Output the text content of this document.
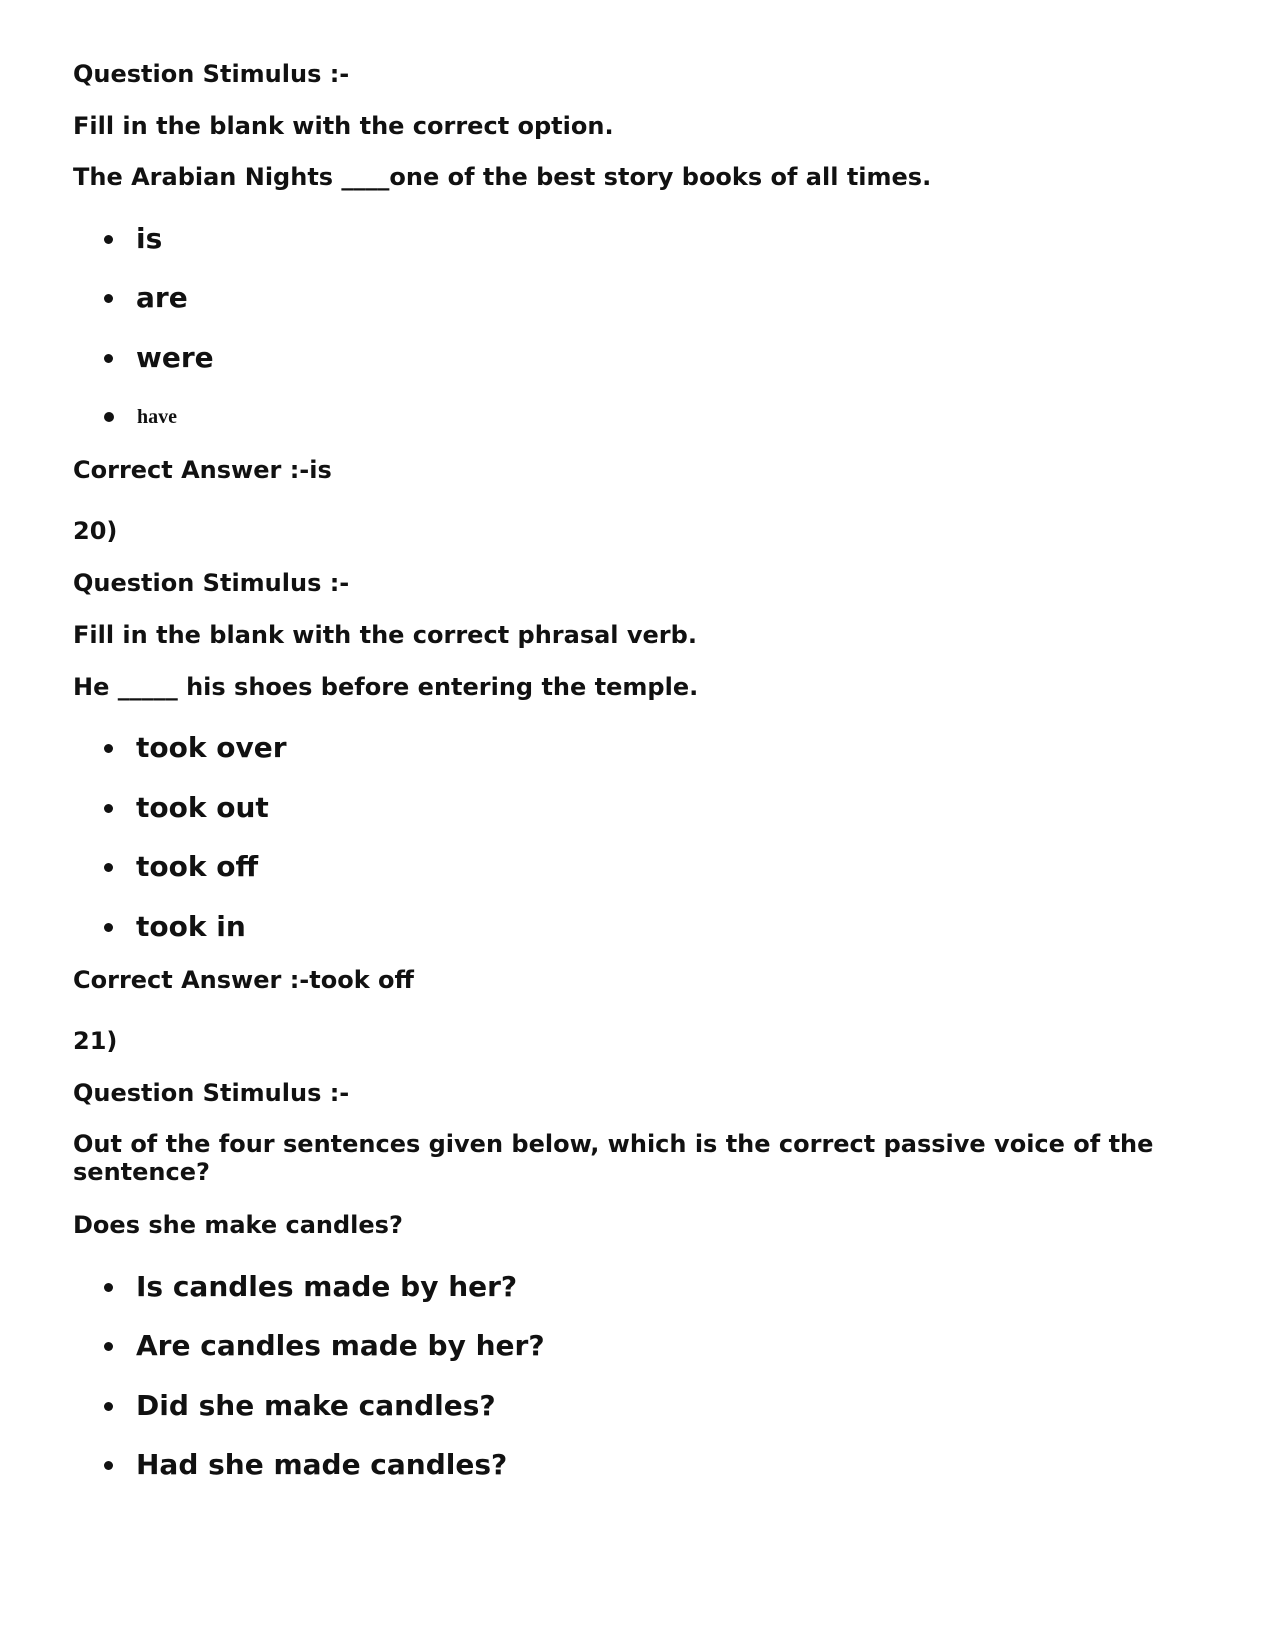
Question Stimulus :-
Fill in the blank with the correct option.
The Arabian Nights ____one of the best story books of all times.
is
are
were
have
Correct Answer :-is
20)
Question Stimulus :-
Fill in the blank with the correct phrasal verb.
He _____ his shoes before entering the temple.
took over
took out
took off
took in
Correct Answer :-took off
21)
Question Stimulus :-
Out of the four sentences given below, which is the correct passive voice of the sentence?
Does she make candles?
Is candles made by her?
Are candles made by her?
Did she make candles?
Had she made candles?
